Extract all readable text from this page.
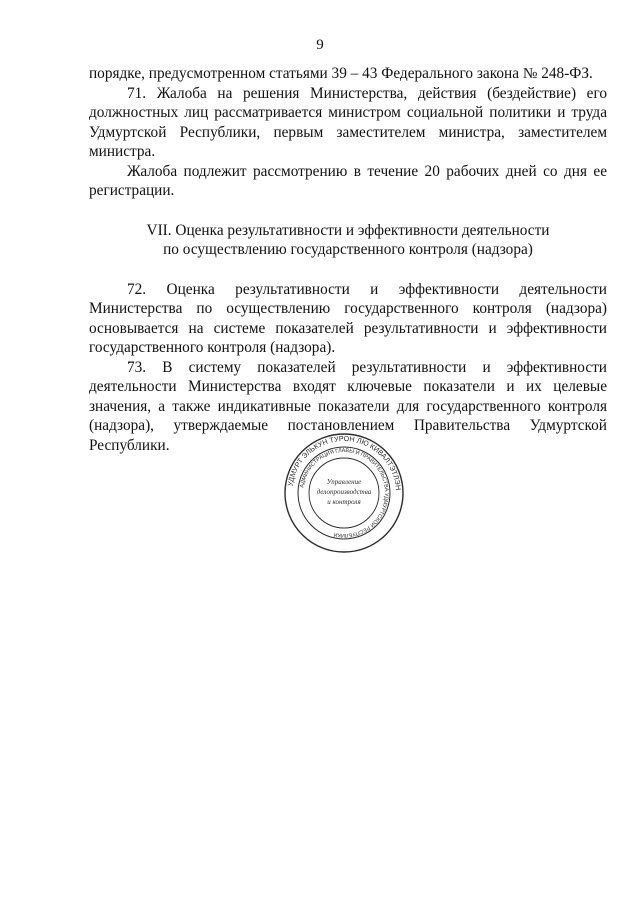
9

порядке, предусмотренном статьями 39 – 43 Федерального закона № 248-ФЗ.

71. Жалоба на решения Министерства, действия (бездействие) его должностных лиц рассматривается министром социальной политики и труда Удмуртской Республики, первым заместителем министра, заместителем министра.

Жалоба подлежит рассмотрению в течение 20 рабочих дней со дня ее регистрации.

VII. Оценка результативности и эффективности деятельности

по осуществлению государственного контроля (надзора)

72. Оценка результативности и эффективности деятельности Министерства по осуществлению государственного контроля (надзора) основывается на системе показателей результативности и эффективности государственного контроля (надзора).

73. В систему показателей результативности и эффективности деятельности Министерства входят ключевые показатели и их целевые значения, а также индикативные показатели для государственного контроля (надзора), утверждаемые постановлением Правительства Удмуртской Республики.

УДМУРТ ЭЛЬКУН ТУРОН ЛЮ КИВАЛТЭТЛЭН
АДМИНИСТРАЦИЯ ГЛАВЫ И ПРАВИТЕЛЬСТВА УДМУРТСКОЙ РЕСПУБЛИКИ
Управление
делопроизводства
и контроля
